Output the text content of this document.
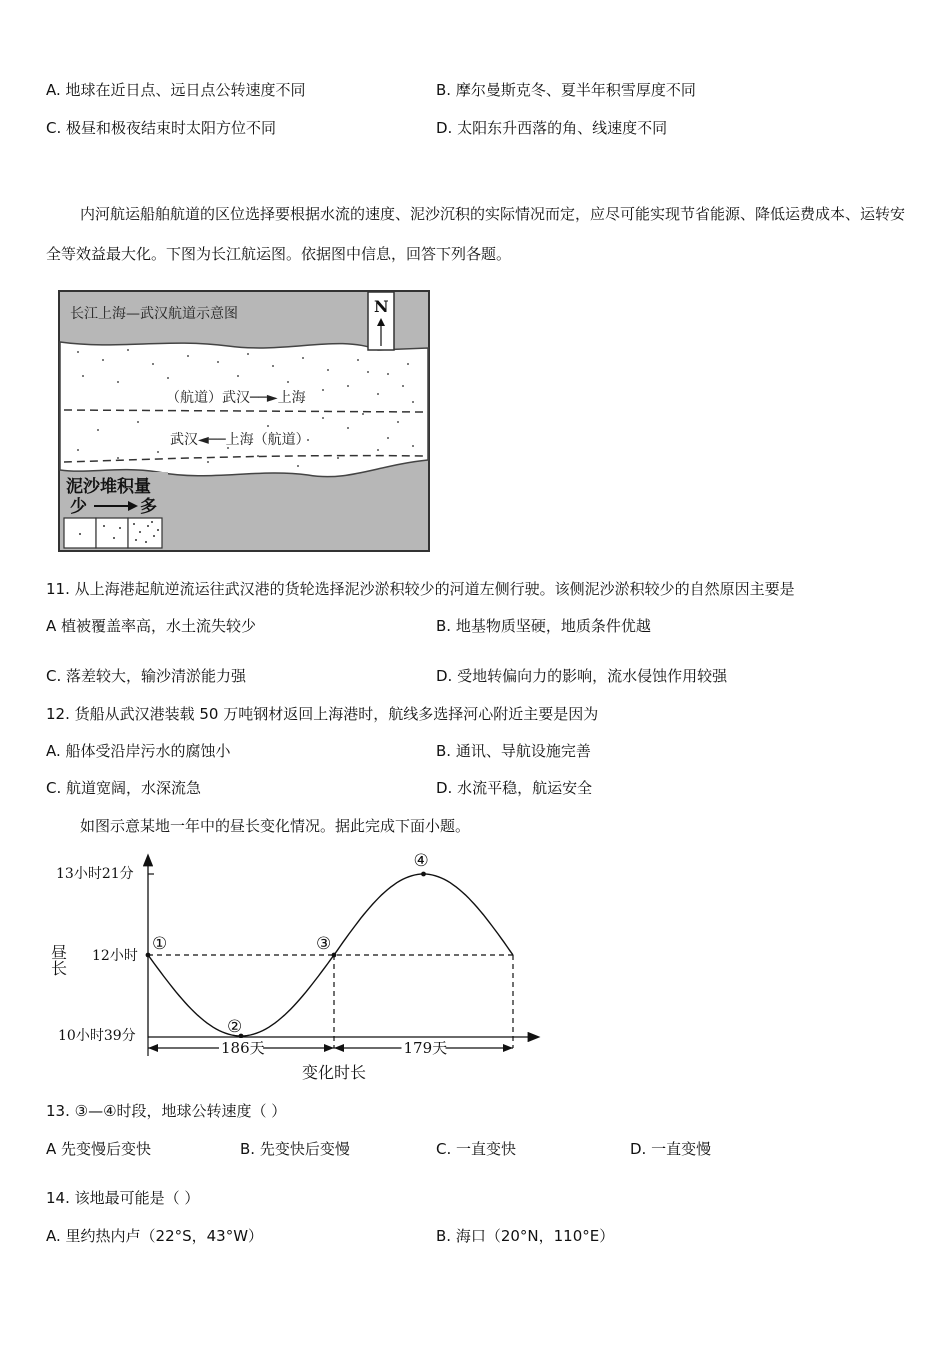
A. 地球在近日点、远日点公转速度不同	B. 摩尔曼斯克冬、夏半年积雪厚度不同
C. 极昼和极夜结束时太阳方位不同	D. 太阳东升西落的角、线速度不同
内河航运船舶航道的区位选择要根据水流的速度、泥沙沉积的实际情况而定，应尽可能实现节省能源、降低运费成本、运转安全等效益最大化。下图为长江航运图。依据图中信息，回答下列各题。
长江上海—武汉航道示意图	N
（航道）武汉──►上海
武汉◄──上海（航道）
泥沙堆积量
少	多
11. 从上海港起航逆流运往武汉港的货轮选择泥沙淤积较少的河道左侧行驶。该侧泥沙淤积较少的自然原因主要是
A 植被覆盖率高，水土流失较少	B. 地基物质坚硬，地质条件优越
C. 落差较大，输沙清淤能力强	D. 受地转偏向力的影响，流水侵蚀作用较强
12. 货船从武汉港装载 50 万吨钢材返回上海港时，航线多选择河心附近主要是因为
A. 船体受沿岸污水的腐蚀小	B. 通讯、导航设施完善
C. 航道宽阔，水深流急	D. 水流平稳，航运安全
如图示意某地一年中的昼长变化情况。据此完成下面小题。
13小时21分
12小时
10小时39分
昼长
变化时长
①
②
③
④
186天	179天
13. ③—④时段，地球公转速度（ ）
A 先变慢后变快	B. 先变快后变慢	C. 一直变快	D. 一直变慢
14. 该地最可能是（ ）
A. 里约热内卢（22°S，43°W）	B. 海口（20°N，110°E）
